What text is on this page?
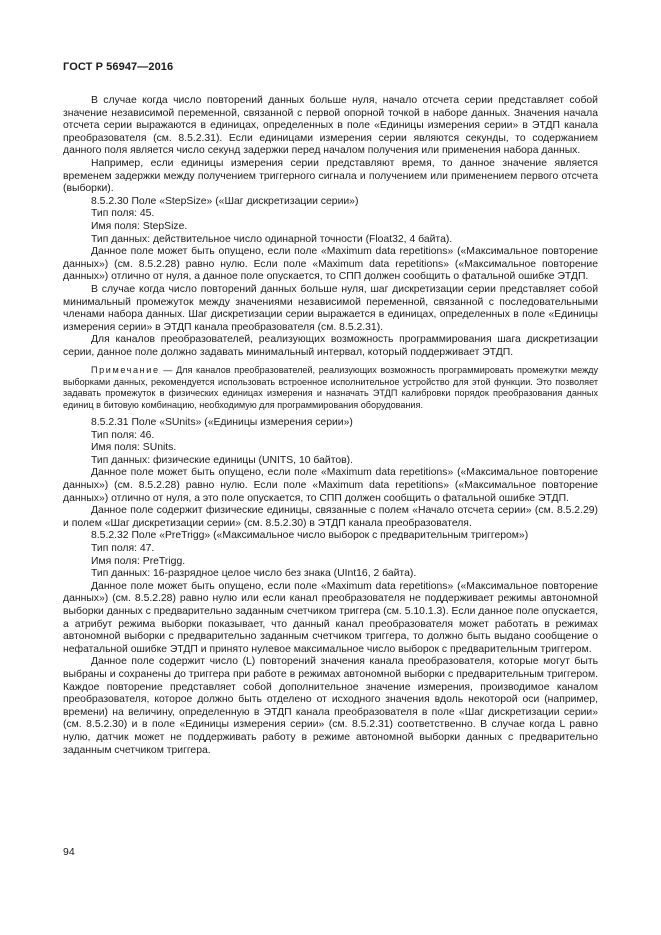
ГОСТ Р 56947—2016

В случае когда число повторений данных больше нуля, начало отсчета серии представляет собой значение независимой переменной, связанной с первой опорной точкой в наборе данных. Значения начала отсчета серии выражаются в единицах, определенных в поле «Единицы измерения серии» в ЭТДП канала преобразователя (см. 8.5.2.31). Если единицами измерения серии являются секунды, то содержанием данного поля является число секунд задержки перед началом получения или применения набора данных.

Например, если единицы измерения серии представляют время, то данное значение является временем задержки между получением триггерного сигнала и получением или применением первого отсчета (выборки).

8.5.2.30 Поле «StepSize» («Шаг дискретизации серии»)

Тип поля: 45.

Имя поля: StepSize.

Тип данных: действительное число одинарной точности (Float32, 4 байта).

Данное поле может быть опущено, если поле «Maximum data repetitions» («Максимальное повторение данных») (см. 8.5.2.28) равно нулю. Если поле «Maximum data repetitions» («Максимальное повторение данных») отлично от нуля, а данное поле опускается, то СПП должен сообщить о фатальной ошибке ЭТДП.

В случае когда число повторений данных больше нуля, шаг дискретизации серии представляет собой минимальный промежуток между значениями независимой переменной, связанной с последовательными членами набора данных. Шаг дискретизации серии выражается в единицах, определенных в поле «Единицы измерения серии» в ЭТДП канала преобразователя (см. 8.5.2.31).

Для каналов преобразователей, реализующих возможность программирования шага дискретизации серии, данное поле должно задавать минимальный интервал, который поддерживает ЭТДП.

Примечание — Для каналов преобразователей, реализующих возможность программировать промежутки между выборками данных, рекомендуется использовать встроенное исполнительное устройство для этой функции. Это позволяет задавать промежуток в физических единицах измерения и назначать ЭТДП калибровки порядок преобразования данных единиц в битовую комбинацию, необходимую для программирования оборудования.

8.5.2.31 Поле «SUnits» («Единицы измерения серии»)

Тип поля: 46.

Имя поля: SUnits.

Тип данных: физические единицы (UNITS, 10 байтов).

Данное поле может быть опущено, если поле «Maximum data repetitions» («Максимальное повторение данных») (см. 8.5.2.28) равно нулю. Если поле «Maximum data repetitions» («Максимальное повторение данных») отлично от нуля, а это поле опускается, то СПП должен сообщить о фатальной ошибке ЭТДП.

Данное поле содержит физические единицы, связанные с полем «Начало отсчета серии» (см. 8.5.2.29) и полем «Шаг дискретизации серии» (см. 8.5.2.30) в ЭТДП канала преобразователя.

8.5.2.32 Поле «PreTrigg» («Максимальное число выборок с предварительным триггером»)

Тип поля: 47.

Имя поля: PreTrigg.

Тип данных: 16-разрядное целое число без знака (UInt16, 2 байта).

Данное поле может быть опущено, если поле «Maximum data repetitions» («Максимальное повторение данных») (см. 8.5.2.28) равно нулю или если канал преобразователя не поддерживает режимы автономной выборки данных с предварительно заданным счетчиком триггера (см. 5.10.1.3). Если данное поле опускается, а атрибут режима выборки показывает, что данный канал преобразователя может работать в режимах автономной выборки с предварительно заданным счетчиком триггера, то должно быть выдано сообщение о нефатальной ошибке ЭТДП и принято нулевое максимальное число выборок с предварительным триггером.

Данное поле содержит число (L) повторений значения канала преобразователя, которые могут быть выбраны и сохранены до триггера при работе в режимах автономной выборки с предварительным триггером. Каждое повторение представляет собой дополнительное значение измерения, производимое каналом преобразователя, которое должно быть отделено от исходного значения вдоль некоторой оси (например, времени) на величину, определенную в ЭТДП канала преобразователя в поле «Шаг дискретизации серии» (см. 8.5.2.30) и в поле «Единицы измерения серии» (см. 8.5.2.31) соответственно. В случае когда L равно нулю, датчик может не поддерживать работу в режиме автономной выборки данных с предварительно заданным счетчиком триггера.

94
